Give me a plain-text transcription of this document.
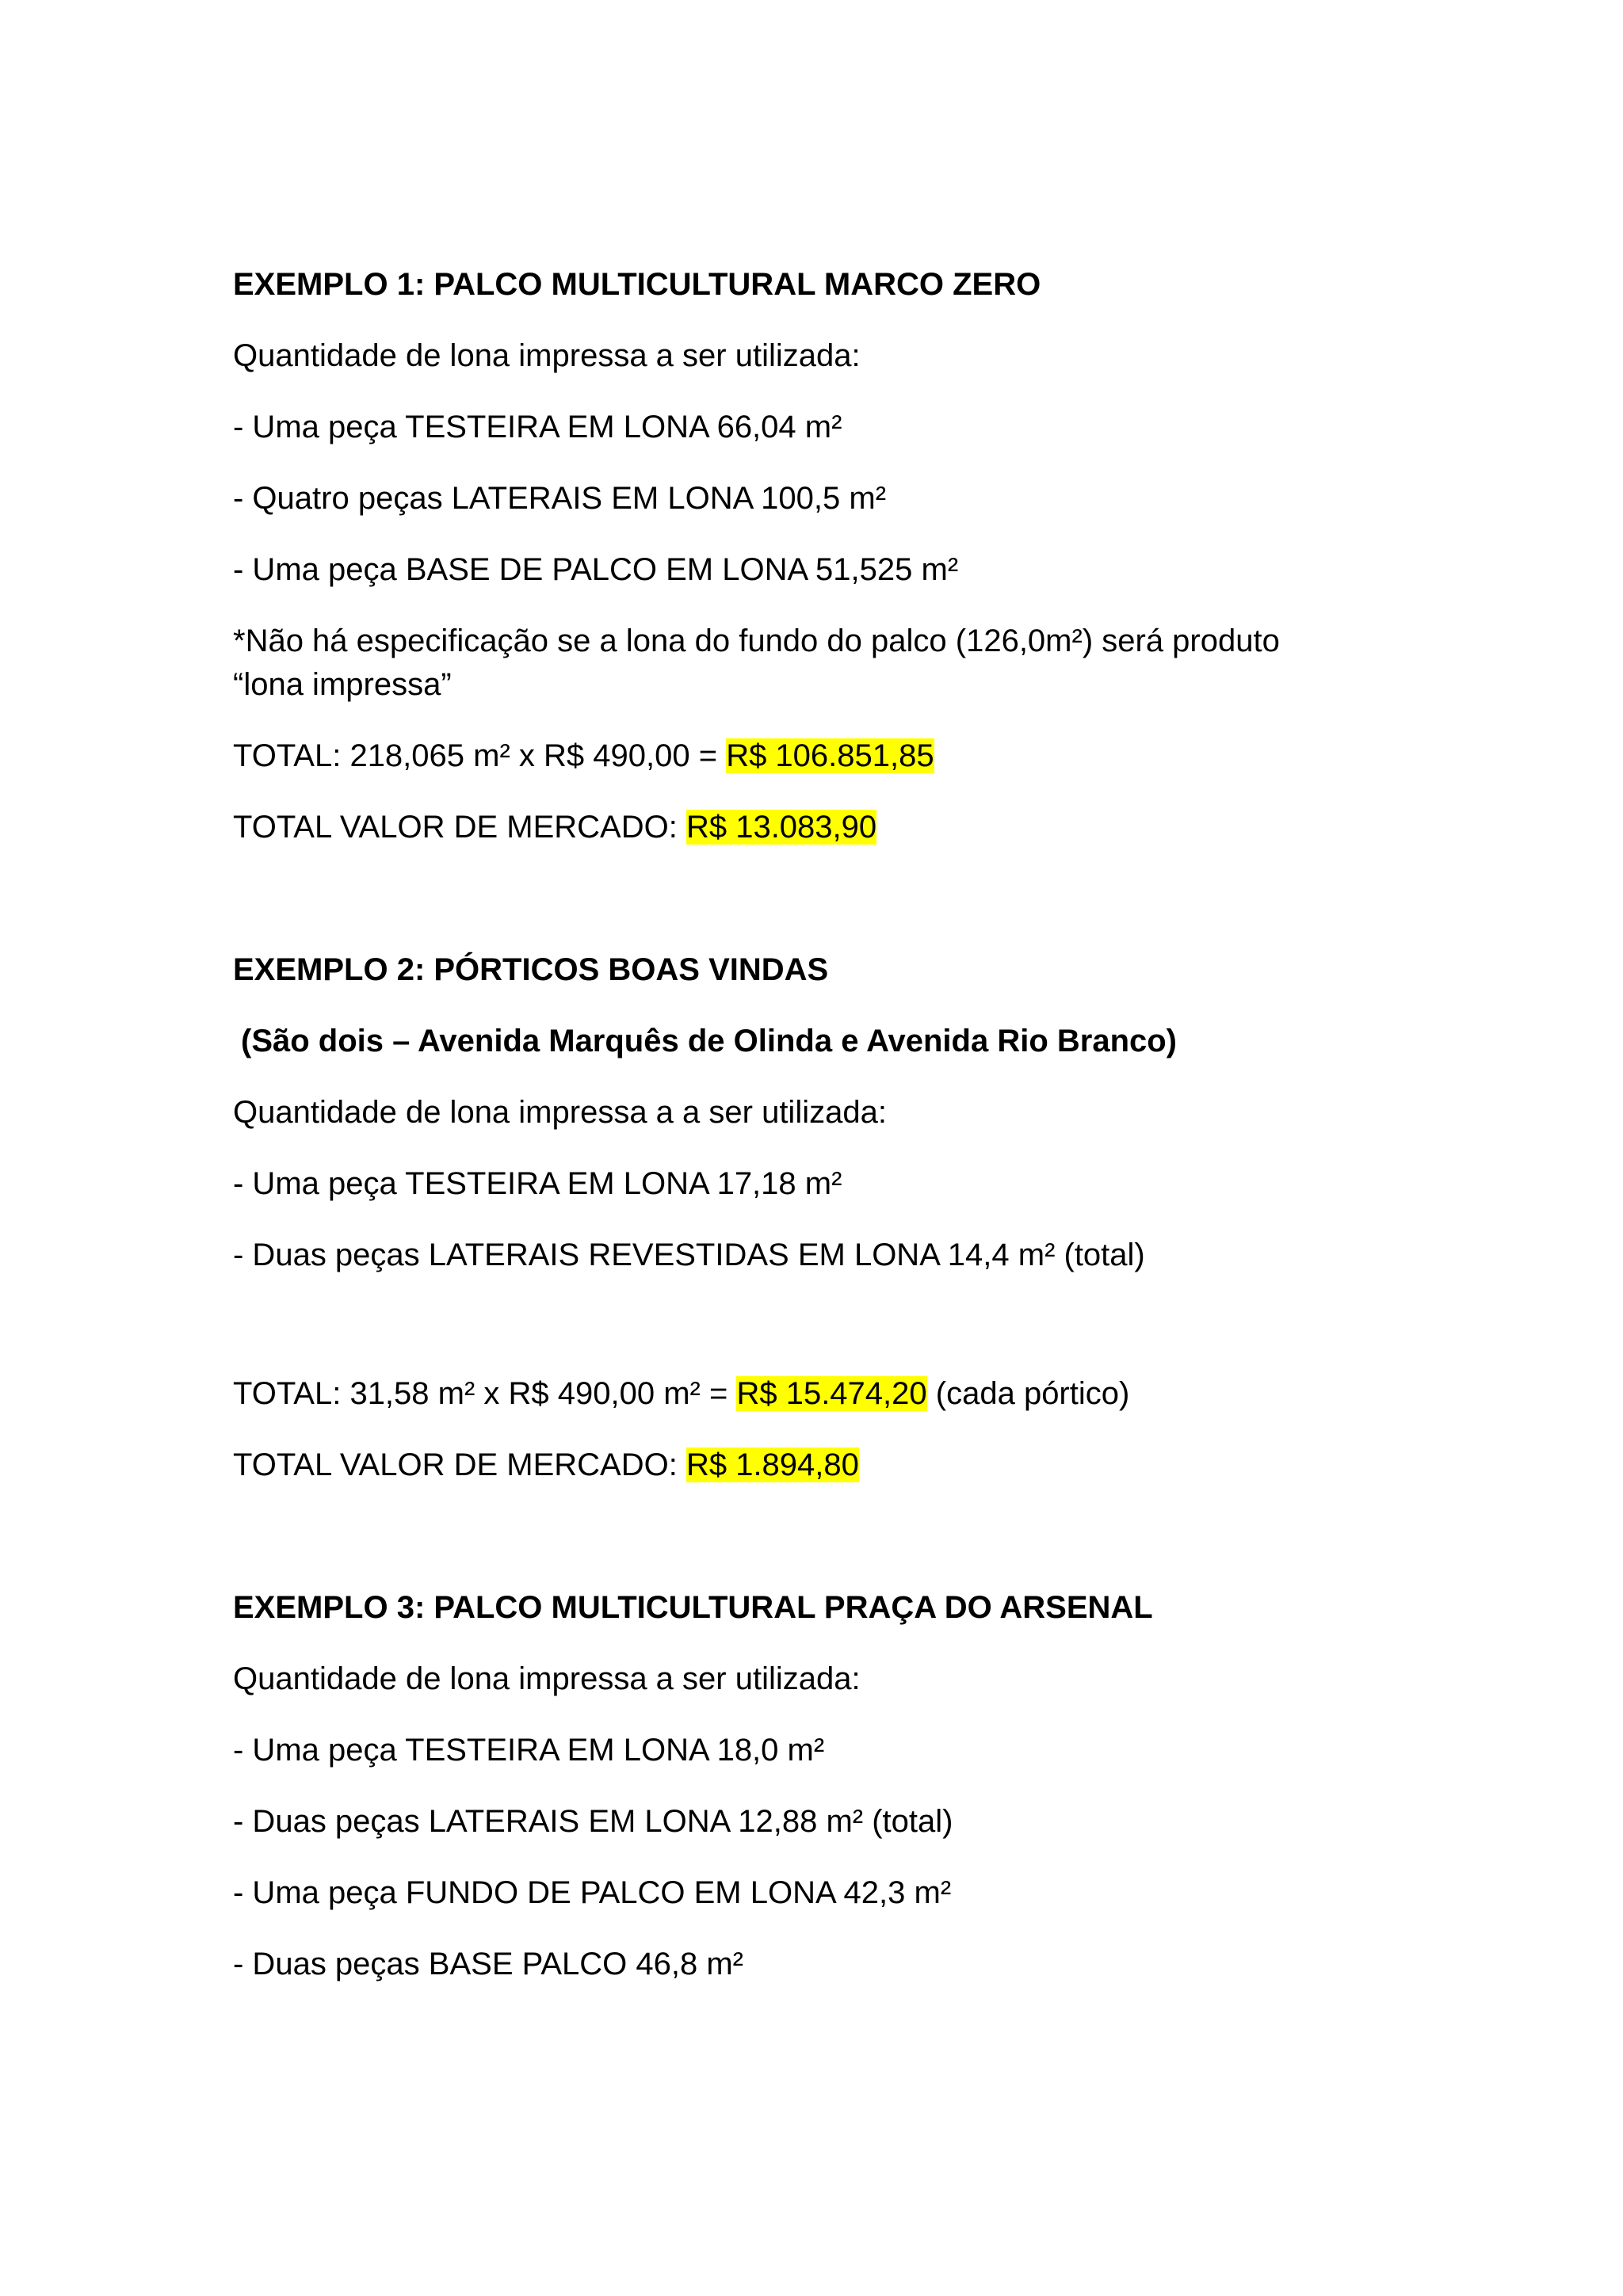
EXEMPLO 1: PALCO MULTICULTURAL MARCO ZERO
Quantidade de lona impressa a ser utilizada:
- Uma peça TESTEIRA EM LONA 66,04 m²
- Quatro peças LATERAIS EM LONA 100,5 m²
- Uma peça BASE DE PALCO EM LONA 51,525 m²
*Não há especificação se a lona do fundo do palco (126,0m²) será produto
“lona impressa”
TOTAL: 218,065 m² x R$ 490,00 = R$ 106.851,85
TOTAL VALOR DE MERCADO: R$ 13.083,90
EXEMPLO 2: PÓRTICOS BOAS VINDAS
(São dois – Avenida Marquês de Olinda e Avenida Rio Branco)
Quantidade de lona impressa a a ser utilizada:
- Uma peça TESTEIRA EM LONA 17,18 m²
- Duas peças LATERAIS REVESTIDAS EM LONA 14,4 m² (total)
TOTAL: 31,58 m² x R$ 490,00 m² = R$ 15.474,20 (cada pórtico)
TOTAL VALOR DE MERCADO: R$ 1.894,80
EXEMPLO 3: PALCO MULTICULTURAL PRAÇA DO ARSENAL
Quantidade de lona impressa a ser utilizada:
- Uma peça TESTEIRA EM LONA 18,0 m²
- Duas peças LATERAIS EM LONA 12,88 m² (total)
- Uma peça FUNDO DE PALCO EM LONA 42,3 m²
- Duas peças BASE PALCO 46,8 m²
